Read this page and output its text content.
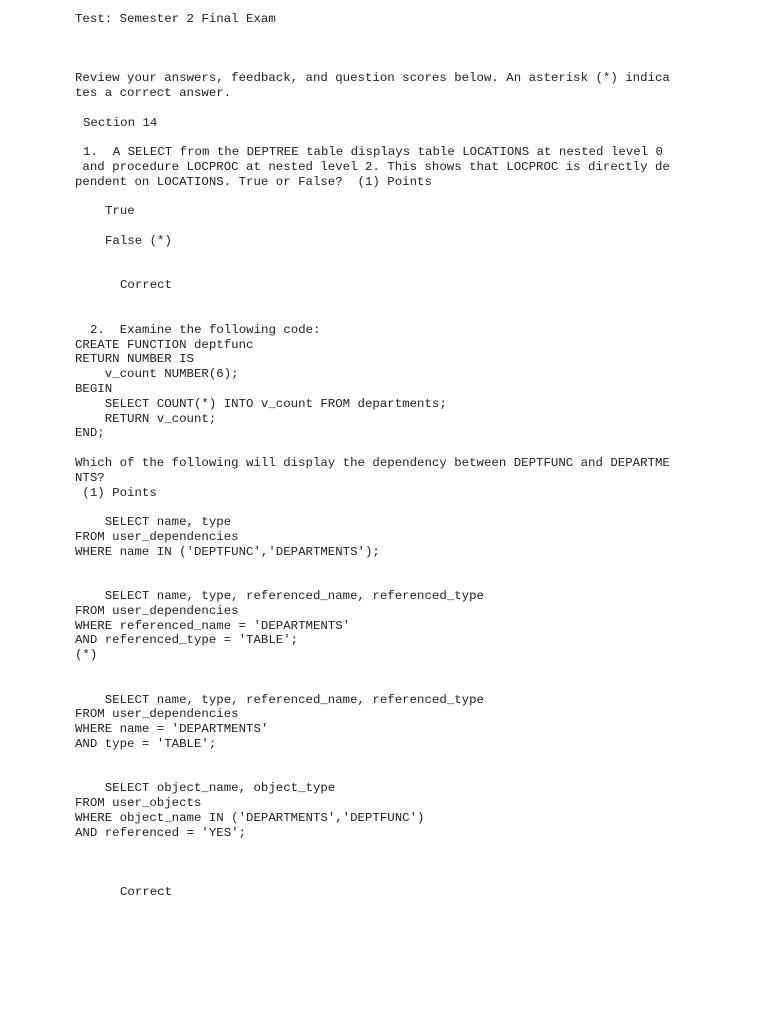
Test: Semester 2 Final Exam
Review your answers, feedback, and question scores below. An asterisk (*) indica
tes a correct answer.
Section 14
1.  A SELECT from the DEPTREE table displays table LOCATIONS at nested level 0
and procedure LOCPROC at nested level 2. This shows that LOCPROC is directly de
pendent on LOCATIONS. True or False?  (1) Points
True
False (*)
Correct
2.  Examine the following code:
CREATE FUNCTION deptfunc
RETURN NUMBER IS
v_count NUMBER(6);
BEGIN
SELECT COUNT(*) INTO v_count FROM departments;
RETURN v_count;
END;
Which of the following will display the dependency between DEPTFUNC and DEPARTME
NTS?
(1) Points
SELECT name, type
FROM user_dependencies
WHERE name IN ('DEPTFUNC','DEPARTMENTS');
SELECT name, type, referenced_name, referenced_type
FROM user_dependencies
WHERE referenced_name = 'DEPARTMENTS'
AND referenced_type = 'TABLE';
(*)
SELECT name, type, referenced_name, referenced_type
FROM user_dependencies
WHERE name = 'DEPARTMENTS'
AND type = 'TABLE';
SELECT object_name, object_type
FROM user_objects
WHERE object_name IN ('DEPARTMENTS','DEPTFUNC')
AND referenced = 'YES';
Correct
